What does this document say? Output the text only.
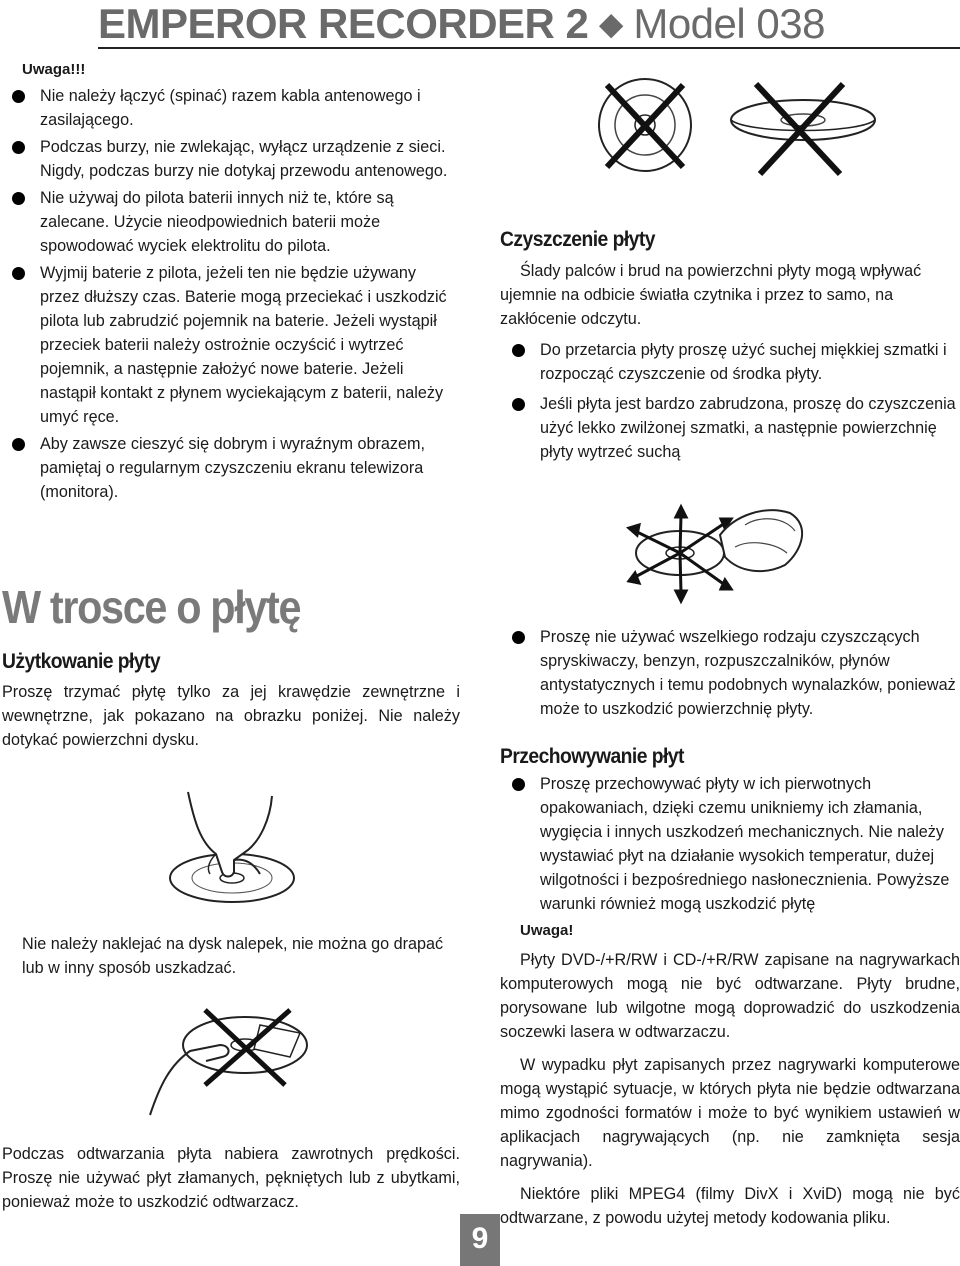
EMPEROR RECORDER 2 ◆ Model 038

Uwaga!!!

Nie należy łączyć (spinać) razem kabla antenowego i zasilającego.
Podczas burzy, nie zwlekając, wyłącz urządzenie z sieci. Nigdy, podczas burzy nie dotykaj przewodu antenowego.
Nie używaj do pilota baterii innych niż te, które są zalecane. Użycie nieodpowiednich baterii może spowodować wyciek elektrolitu do pilota.
Wyjmij baterie z pilota, jeżeli ten nie będzie używany przez dłuższy czas. Baterie mogą przeciekać i uszkodzić pilota lub zabrudzić pojemnik na baterie. Jeżeli wystąpił przeciek baterii należy ostrożnie oczyścić i wytrzeć pojemnik, a następnie założyć nowe baterie. Jeżeli nastąpił kontakt z płynem wyciekającym z baterii, należy umyć ręce.
Aby zawsze cieszyć się dobrym i wyraźnym obrazem, pamiętaj o regularnym czyszczeniu ekranu telewizora (monitora).
W trosce o płytę
Użytkowanie płyty
Proszę trzymać płytę tylko za jej krawędzie zewnętrzne i wewnętrzne, jak pokazano na obrazku poniżej. Nie należy dotykać powierzchni dysku.
Nie należy naklejać na dysk nalepek, nie można go drapać lub w inny sposób uszkadzać.
Podczas odtwarzania płyta nabiera zawrotnych prędkości. Proszę nie używać płyt złamanych, pękniętych lub z ubytkami, ponieważ może to uszkodzić odtwarzacz.
Czyszczenie płyty

Ślady palców i brud na powierzchni płyty mogą wpływać ujemnie na odbicie światła czytnika i przez to samo, na zakłócenie odczytu.

Do przetarcia płyty proszę użyć suchej miękkiej szmatki i rozpocząć czyszczenie od środka płyty.
Jeśli płyta jest bardzo zabrudzona, proszę do czyszczenia użyć lekko zwilżonej szmatki, a następnie powierzchnię płyty wytrzeć suchą
Proszę nie używać wszelkiego rodzaju czyszczących spryskiwaczy, benzyn, rozpuszczalników, płynów antystatycznych i temu podobnych wynalazków, ponieważ może to uszkodzić powierzchnię płyty.
Przechowywanie płyt
Proszę przechowywać płyty w ich pierwotnych opakowaniach, dzięki czemu unikniemy ich złamania, wygięcia i innych uszkodzeń mechanicznych. Nie należy wystawiać płyt na działanie wysokich temperatur, dużej wilgotności i bezpośredniego nasłonecznienia. Powyższe warunki również mogą uszkodzić płytę
Uwaga!

Płyty DVD-/+R/RW i CD-/+R/RW zapisane na nagrywarkach komputerowych mogą nie być odtwarzane. Płyty brudne, porysowane lub wilgotne mogą doprowadzić do uszkodzenia soczewki lasera w odtwarzaczu.

W wypadku płyt zapisanych przez nagrywarki komputerowe mogą wystąpić sytuacje, w których płyta nie będzie odtwarzana mimo zgodności formatów i może to być wynikiem ustawień w aplikacjach nagrywających (np. nie zamknięta sesja nagrywania).

Niektóre pliki MPEG4 (filmy DivX i XviD) mogą nie być odtwarzane, z powodu użytej metody kodowania pliku.

9
